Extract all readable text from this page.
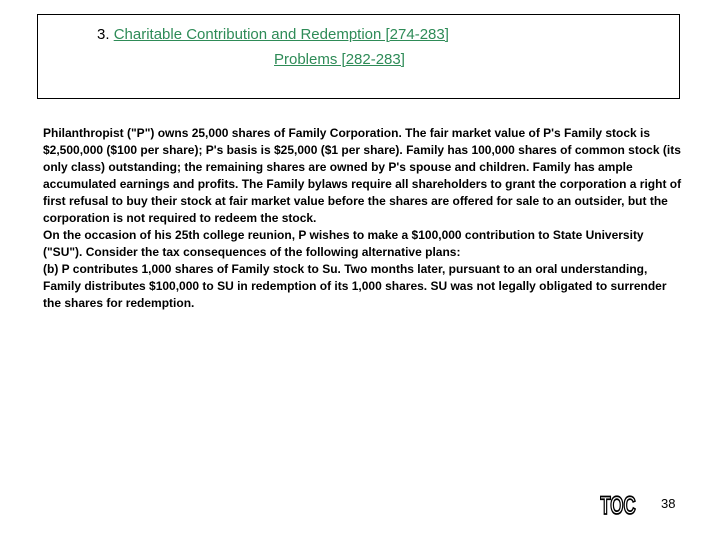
3. Charitable Contribution and Redemption [274-283]
Problems [282-283]

Philanthropist ("P") owns 25,000 shares of Family Corporation. The fair market value of P's Family stock is $2,500,000 ($100 per share); P's basis is $25,000 ($1 per share). Family has 100,000 shares of common stock (its only class) outstanding; the remaining shares are owned by P's spouse and children. Family has ample accumulated earnings and profits. The Family bylaws require all shareholders to grant the corporation a right of first refusal to buy their stock at fair market value before the shares are offered for sale to an outsider, but the corporation is not required to redeem the stock.

On the occasion of his 25th college reunion, P wishes to make a $100,000 contribution to State University ("SU"). Consider the tax consequences of the following alternative plans:

(b) P contributes 1,000 shares of Family stock to Su. Two months later, pursuant to an oral understanding, Family distributes $100,000 to SU in redemption of its 1,000 shares. SU was not legally obligated to surrender the shares for redemption.

TOC 38
